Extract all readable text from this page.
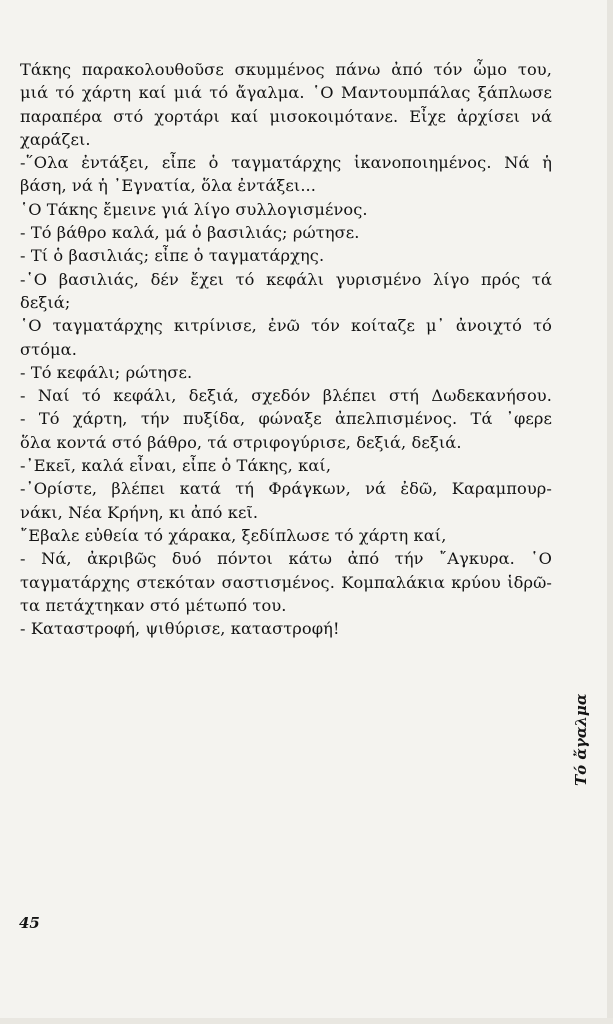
Τάκης παρακολουθοῦσε σκυμμένος πάνω ἀπό τόν ὦμο του,

μιά τό χάρτη καί μιά τό ἄγαλμα. ῾Ο Μαντουμπάλας ξάπλωσε

παραπέρα στό χορτάρι καί μισοκοιμότανε. Εἶχε ἀρχίσει νά

χαράζει.

-῞Ολα ἐντάξει, εἶπε ὁ ταγματάρχης ἱκανοποιημένος. Νά ἡ

βάση, νά ἡ ᾿Εγνατία, ὅλα ἐντάξει...

῾Ο Τάκης ἔμεινε γιά λίγο συλλογισμένος.

- Τό βάθρο καλά, μά ὁ βασιλιάς; ρώτησε.

- Τί ὁ βασιλιάς; εἶπε ὁ ταγματάρχης.

-῾Ο βασιλιάς, δέν ἔχει τό κεφάλι γυρισμένο λίγο πρός τά

δεξιά;

῾Ο ταγματάρχης κιτρίνισε, ἐνῶ τόν κοίταζε μ᾿ ἀνοιχτό τό

στόμα.

- Τό κεφάλι; ρώτησε.

- Ναί τό κεφάλι, δεξιά, σχεδόν βλέπει στή Δωδεκανήσου.

- Τό χάρτη, τήν πυξίδα, φώναξε ἀπελπισμένος. Τά ᾿φερε

ὅλα κοντά στό βάθρο, τά στριφογύρισε, δεξιά, δεξιά.

-᾿Εκεῖ, καλά εἶναι, εἶπε ὁ Τάκης, καί,

-᾿Ορίστε, βλέπει κατά τή Φράγκων, νά ἐδῶ, Καραμπουρ-

νάκι, Νέα Κρήνη, κι ἀπό κεῖ.

῎Εβαλε εὐθεία τό χάρακα, ξεδίπλωσε τό χάρτη καί,

- Νά, ἀκριβῶς δυό πόντοι κάτω ἀπό τήν ῎Αγκυρα. ῾Ο

ταγματάρχης στεκόταν σαστισμένος. Κομπαλάκια κρύου ἱδρῶ-

τα πετάχτηκαν στό μέτωπό του.

- Καταστροφή, ψιθύρισε, καταστροφή!

45
Τό ἄγαλμα
